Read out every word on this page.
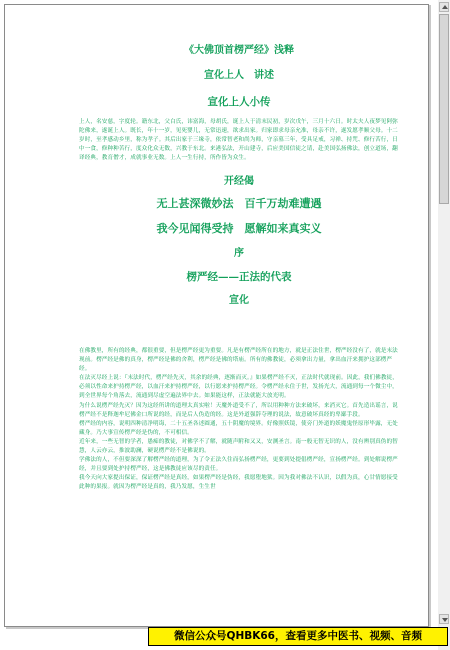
《大佛顶首楞严经》浅释
宣化上人　讲述
宣化上人小传
上人，名安慈，字度轮。籍东北，父白氏，讳富海，母胡氏，诞上人于清末民初，岁次戊午，三月十六日。时太夫人夜梦见阿弥陀佛来，遂诞上人。既长，年十一岁，见死婴儿，无常迅速，欲求出家。归家即求母亲允准，母亲不许，遂发愿孝顺父母。十二岁时，至孝感动乡里，称为孝子。其后出家于三缘寺，依常智老和尚为师，守亲墓三年，受具足戒，习禅、持咒、修行苦行，日中一食，修种种苦行，度众化众无数，兴教于东北。来港弘法，开山建寺，后应美国信徒之请，赴美国弘扬佛法，创立道场，翻译经典，教育僧才，成就事业无数。上人一生行持，所作皆为众生。
开经偈
无上甚深微妙法　百千万劫难遭遇
我今见闻得受持　愿解如来真实义
序
楞严经——正法的代表
宣化

在佛教里，所有的经典，都很重要，但是楞严经更为重要。凡是有楞严经所在的地方，就是正法住世，楞严经没有了，就是末法现前。楞严经是佛的真身，楞严经是佛的舍利，楞严经是佛的塔庙。所有的佛教徒，必须拿出力量，拿出血汗来拥护这部楞严经。

在法灭尽经上说：『末法时代，楞严经先灭，其余的经典，逐渐而灭。』如果楞严经不灭，正法时代就现前。因此，我们佛教徒，必须以性命来护持楞严经，以血汗来护持楞严经，以行愿来护持楞严经。令楞严经永住于世，发扬光大，流通到每一个微尘中，到全世界每个角落去，流通到尽虚空遍法界中去。如果能这样，正法就能大放光明。

为什么说楞严经先灭？因为这经所讲的道理太真实啦！天魔外道受不了，所以用种种方法来破坏，来消灭它。首先造出谣言，说楞严经不是释迦牟尼佛金口所说的经，而是后人伪造的经。这是外道强辞夺理的说法，故意破坏真经的卑鄙手段。

楞严经的内容，说明四种清净明诲，二十五圣各述圆通，五十阴魔的境界。好像照妖镜，使旁门外道的妖魔鬼怪原形毕露，无处藏身。乃大事宣传楞严经是伪的，不可相信。

近年来，一些无智的学者，愚痴的教徒，对佛学不了解，就随声附和又又，安测圣言。南一般无智无识的人，没有辨别真伪的智慧，人云亦云，推波助澜，硬说楞严经不是佛说的。

学佛法的人，不但要深深了解楞严经的道理，为了令正法久住而弘扬楞严经，更要到处提倡楞严经，宣扬楞严经。到处解说楞严经，并且要到处护持楞严经，这是佛教徒应该尽的责任。

我今天向大家提出保证，保证楞严经是真经，如果楞严经是伪经，我愿堕地狱。因为我对佛法不认识，以假为真，心甘情愿接受此种的果报。就因为楞严经是真的，我乃发愿，生生世

微信公众号QHBK66，查看更多中医书、视频、音频
